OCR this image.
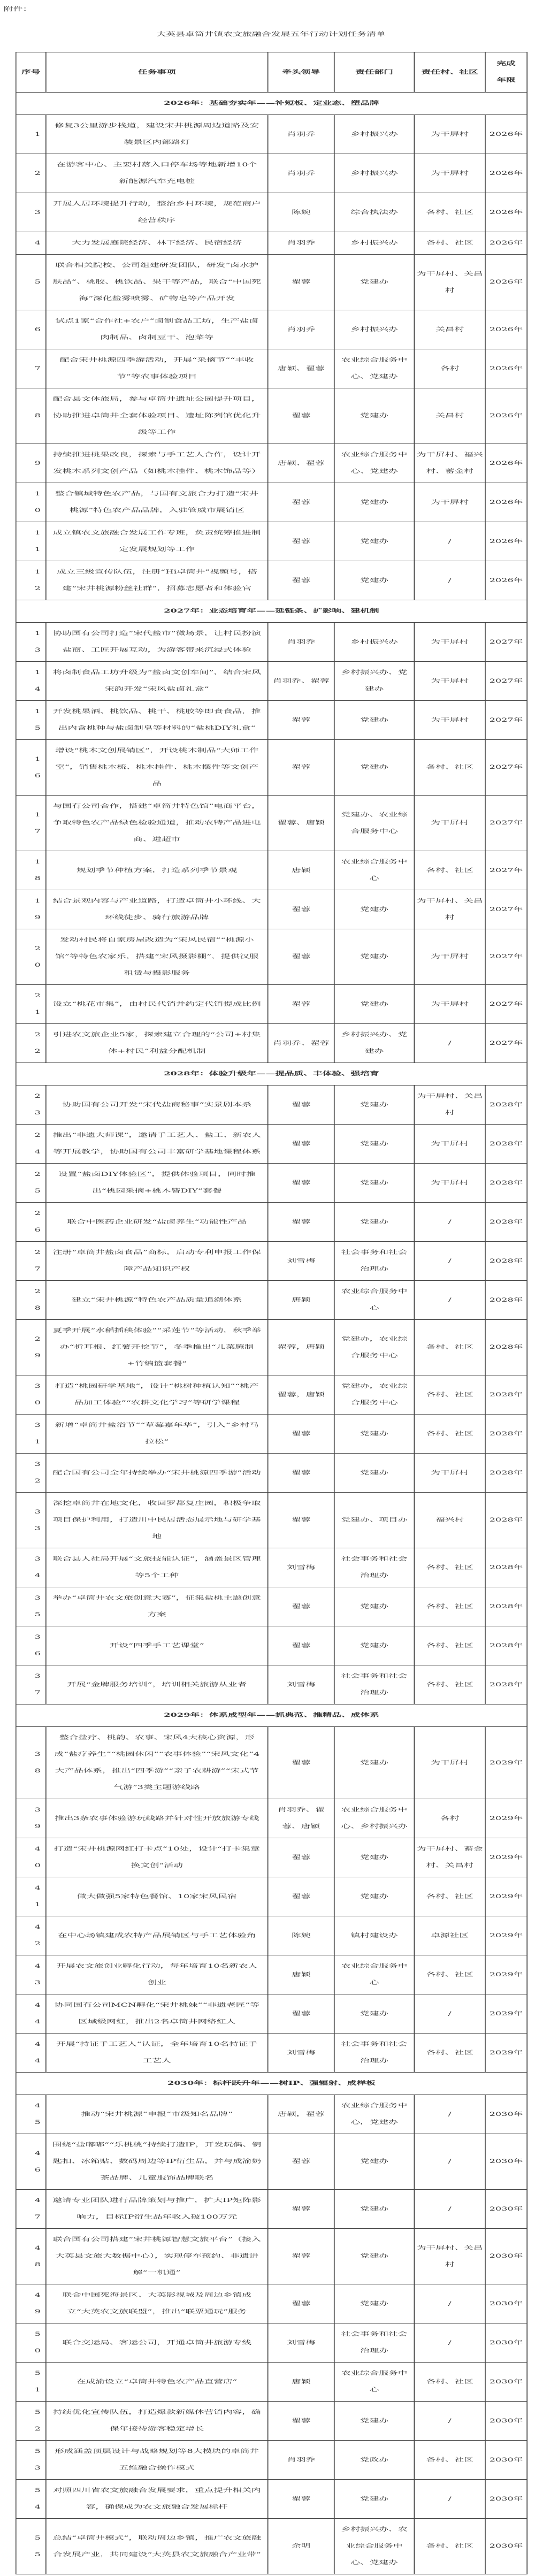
附件：
大英县卓筒井镇农文旅融合发展五年行动计划任务清单
序号	任务事项	牵头领导	责任部门	责任村、社区	完成年限
2026年：基础夯实年——补短板、定业态、塑品牌					
1	修复3公里游步栈道，建设宋井桃源周边道路及安装景区内部路灯	肖羽乔	乡村振兴办	为干屏村	2026年
2	在游客中心、主要村落入口停车场等地新增10个新能源汽车充电桩	肖羽乔	乡村振兴办	为干屏村	2026年
3	开展人居环境提升行动，整治乡村环境，规范商户经营秩序	陈婉	综合执法办	各村、社区	2026年
4	大力发展庭院经济、林下经济、民宿经济	肖羽乔	乡村振兴办	各村、社区	2026年
5	联合相关院校、公司组建研发团队，研发“卤水护肤品”、桃胶、桃饮品、果干等产品，联合“中国死海”深化盐雾喷雾、矿物皂等产品开发	翟蓉	党建办	为干屏村、关昌村	2026年
6	试点1家“合作社+农户”卤制食品工坊，生产盐卤肉制品、卤制豆干、泡菜等	肖羽乔	乡村振兴办	关昌村	2026年
7	配合宋井桃源四季游活动，开展“采摘节”“丰收节”等农事体验项目	唐颖、翟蓉	农业综合服务中心、党建办	各村	2026年
8	配合县文体旅局，参与卓筒井遗址公园提升项目，协助推进卓筒井全套体验项目、遗址陈列馆优化升级等工作	翟蓉	党建办	关昌村	2026年
9	持续推进桃果改良，探索与手工艺人合作，设计开发桃木系列文创产品（如桃木挂件、桃木饰品等）	唐颖、翟蓉	农业综合服务中心、党建办	为干屏村、福兴村、蓄金村	2026年
10	整合镇域特色农产品，与国有文旅合力打造“宋井桃源”特色农产品品牌，入驻管威市展销区	翟蓉	党建办	为干屏村	2026年
11	成立镇农文旅融合发展工作专班，负责统筹推进制定发展规划等工作	翟蓉	党建办	/	2026年
12	成立三级宣传队伍，注册“Hi卓筒井”视频号，搭建“宋井桃源粉丝社群”，招募志愿者和体验官	翟蓉	党建办	/	2026年
2027年：业态培育年——延链条、扩影响、建机制					
13	协助国有公司打造“宋代盐市”微场景，让村民扮演盐商、工匠开展互动，为游客带来沉浸式体验	肖羽乔	乡村振兴办	为干屏村	2027年
14	将卤制食品工坊升级为“盐卤文创车间”，结合宋风宋韵开发“宋风盐卤礼盒”	肖羽乔、翟蓉	乡村振兴办、党建办	为干屏村	2027年
15	开发桃果酒、桃饮品、桃干、桃胶等即食食品，推出内含桃种与盐卤制皂等材料的“盐桃DIY礼盒”	翟蓉	党建办	为干屏村	2027年
16	增设“桃木文创展销区”，开设桃木制品“大师工作室”，销售桃木梳、桃木挂件、桃木摆件等文创产品	翟蓉	党建办	各村、社区	2027年
17	与国有公司合作，搭建“卓筒井特色馆”电商平台，争取特色农产品绿色检验通道，推动农特产品进电商、进超市	翟蓉、唐颖	党建办、农业综合服务中心	为干屏村	2027年
18	规划季节种植方案，打造系列季节景观	唐颖	农业综合服务中心	各村、社区	2027年
19	结合景观内容与产业道路，打造卓筒井小环线、大环线徒步、骑行旅游品牌	翟蓉	党建办	为干屏村、关昌村	2027年
20	发动村民将自家房屋改造为“宋风民宿”“桃源小馆”等特色农家乐，搭建“宋风摄影棚”，提供汉服租赁与摄影服务	翟蓉	党建办	为干屏村	2027年
21	设立“桃花市集”，由村民代销并约定代销提成比例	翟蓉	党建办	为干屏村	2027年
22	引进农文旅企业5家，探索建立合理的“公司+村集体+村民”利益分配机制	肖羽乔、翟蓉	乡村振兴办、党建办	/	2027年
2028年：体验升级年——提品质、丰体验、强培育					
23	协助国有公司开发“宋代盐商秘事”实景剧本杀	翟蓉	党建办	为干屏村、关昌村	2028年
24	推出“非遗大师课”，邀请手工艺人、盐工、新农人等开展教学，协助国有公司丰富研学基地课程体系	翟蓉	党建办	为干屏村	2028年
25	设置“盐卤DIY体验区”，提供体验项目，同时推出“桃园采摘+桃木簪DIY”套餐	翟蓉	党建办	为干屏村	2028年
26	联合中医药企业研发“盐卤养生”功能性产品	翟蓉	党建办	/	2028年
27	注册“卓筒井盐卤食品”商标，启动专利申报工作保障产品知识产权	刘雪梅	社会事务和社会治理办	/	2028年
28	建立“宋井桃源”特色农产品质量追溯体系	唐颖	农业综合服务中心	/	2028年
29	夏季开展“水稻插秧体验”“采莲节”等活动，秋季举办“折耳根、红薯开挖节”，冬季推出“儿菜腌制+竹编篮套餐”	翟蓉，唐颖	党建办，农业综合服务中心	各村、社区	2028年
30	打造“桃园研学基地”，设计“桃树种植认知”“桃产品加工体验”“农耕文化学习”等研学课程	翟蓉，唐颖	党建办，农业综合服务中心	各村、社区	2028年
31	新增“卓筒井盐浴节”“草莓嘉年华”，引入“乡村马拉松”	翟蓉	党建办	各村、社区	2028年
32	配合国有公司全年持续举办“宋井桃源四季游”活动	翟蓉	党建办	为干屏村	2028年
33	深挖卓筒井在地文化，收回罗都复庄园，积极争取项目保护利用，打造川中民居活态展示地与研学基地	翟蓉	党建办、项目办	福兴村	2028年
34	联合县人社局开展“文旅技能认证”，涵盖景区管理等5个工种	刘雪梅	社会事务和社会治理办	各村、社区	2028年
35	举办“卓筒井农文旅创意大赛”，征集盐桃主题创意方案	翟蓉	党建办	各村、社区	2028年
36	开设“四季手工艺课堂”	翟蓉	党建办	各村、社区	2028年
37	开展“金牌服务培训”，培训相关旅游从业者	刘雪梅	社会事务和社会治理办	各村、社区	2028年
2029年：体系成型年——抓典范、推精品、成体系					
38	整合盐疗、桃韵、农事、宋风4大核心资源，形成“盐疗养生”“桃园休闲”“农事体验”“宋风文化”4大产品体系，推出“四季游”“亲子农耕游”“宋式节气游”3类主题游线路	翟蓉	党建办	为干屏村	2029年
39	推出3条农事体验游玩线路并针对性开放旅游专线	肖羽乔、翟蓉、唐颖	农业综合服务中心、乡村振兴办	各村	2029年
40	打造“宋井桃源网红打卡点”10处，设计“打卡集章换文创”活动	翟蓉	党建办	为干屏村、蓄金村、关昌村	2029年
41	做大做强5家特色餐馆、10家宋风民宿	翟蓉	党建办	各村、社区	2029年
42	在中心场镇建成农特产品展销区与手工艺体验角	陈婉	镇村建设办	卓源社区	2029年
43	开展农文旅创业孵化行动，每年培育10名新农人创业	唐颖	农业综合服务中心	各村、社区	2029年
44	协同国有公司MCN孵化“宋井桃妹”“非遗老匠”等区域级网红，推出2名卓筒井网络红人	翟蓉	党建办	/	2029年
44	开展“持证手工艺人”认证，全年培育10名持证手工艺人	刘雪梅	社会事务和社会治理办	各村、社区	2029年
2030年：标杆跃升年——树IP、强辐射、成样板					
45	推动“宋井桃源”申报“市级知名品牌”	唐颖，翟蓉	农业综合服务中心，党建办	/	2030年
46	围绕“盐嘟嘟”“乐桃桃”持续打造IP，开发玩偶、钥匙扣、冰箱贴、数码周边等IP衍生品，并与成渝奶茶品牌、儿童服饰品牌联名	翟蓉	党建办	/	2030年
47	邀请专业团队进行品牌策划与推广，扩大IP矩阵影响力，目标IP衍生品年收入破100万元	翟蓉	党建办	/	2030年
48	联合国有公司搭建“宋井桃源智慧文旅平台”（接入大英县文旅大数据中心），实现停车预约、非遗讲解“一机通”	翟蓉	党建办	为干屏村、关昌村	2030年
49	联合中国死海景区、大英影视城及周边乡镇成立“大英农文旅联盟”，推出“联票通玩”服务	翟蓉	党建办	/	2030年
50	联合交运局、客运公司，开通卓筒井旅游专线	刘雪梅	社会事务和社会治理办	/	2030年
51	在成渝设立“卓筒井特色农产品直营店”	唐颖	农业综合服务中心	各村、社区	2030年
52	持续优化宣传队伍，打造爆款新媒体营销内容，确保年接待游客稳定增长	翟蓉	党建办	/	2030年
53	形成涵盖顶层设计与战略规划等8大模块的卓筒井五维融合操作模式	肖羽乔	党政办	各村、社区	2030年
54	对照四川省农文旅融合发展要求，重点提升相关内容，确保成为农文旅融合发展标杆	翟蓉	党建办	/	2030年
55	总结“卓筒井模式”，联动周边乡镇，推广农文旅融合发展产业，共同建设“大英县农文旅融合产业带”	余明	乡村振兴办、农业综合服务中心、党建办	各村、社区	2030年
